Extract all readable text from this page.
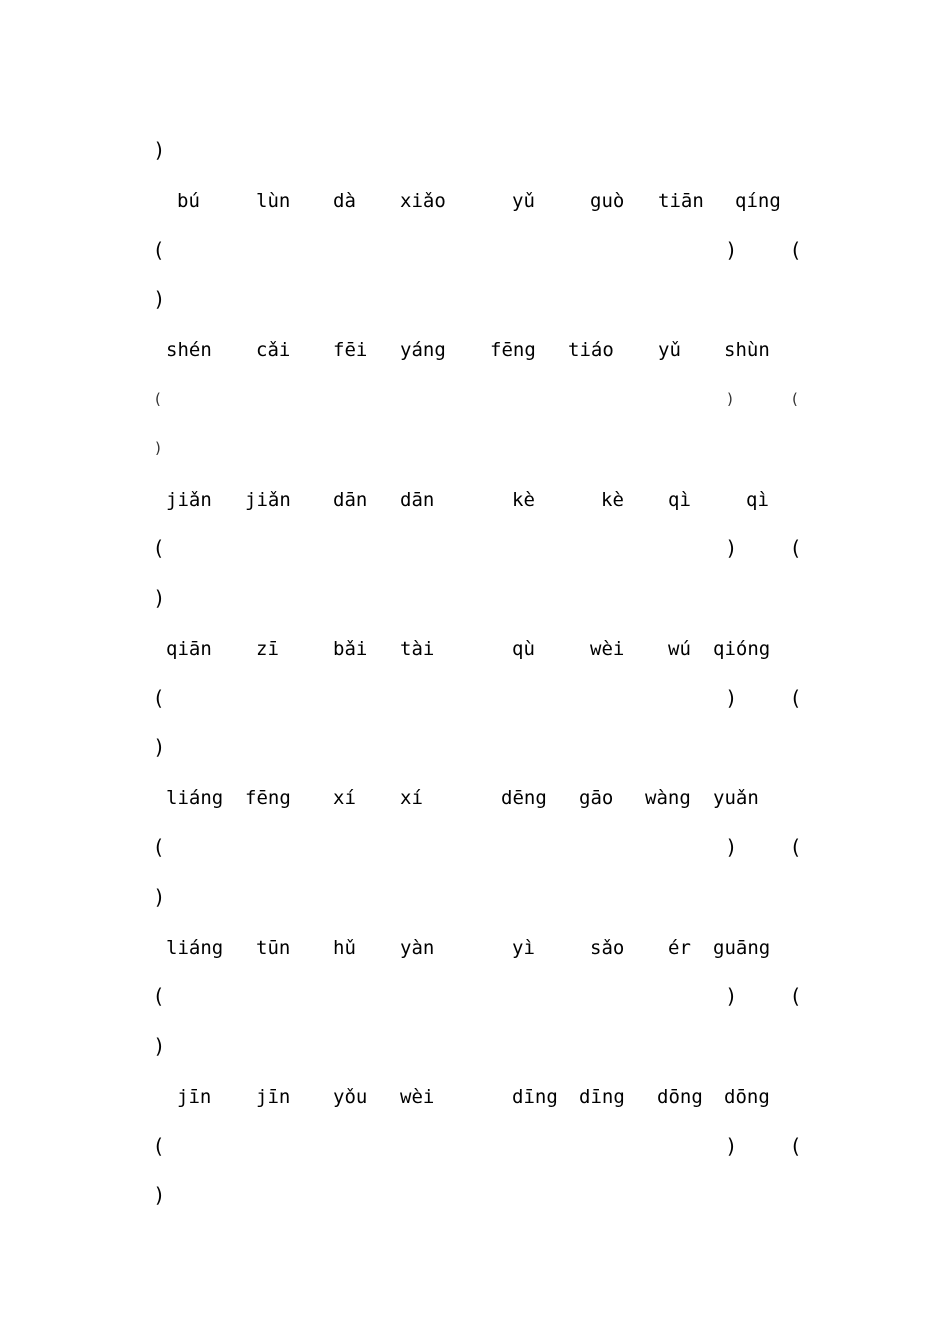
)
bú	lùn dà xiǎo	yǔ	guò tiān qíng
(	)	(
)
shén cǎi fēi yáng fēng tiáo yǔ shùn
(	)	(
)
jiǎn jiǎn dān dān	kè	kè qì	qì
(	)	(
)
qiān zī	bǎi tài	qù	wèi wú qióng
(	)	(
)
liáng fēng xí xí	dēng gāo wàng yuǎn
(	)	(
)
liáng tūn hǔ yàn	yì	sǎo ér guāng
(	)	(
)
jīn jīn yǒu wèi	dīng dīng dōng dōng
(	)	(
)
